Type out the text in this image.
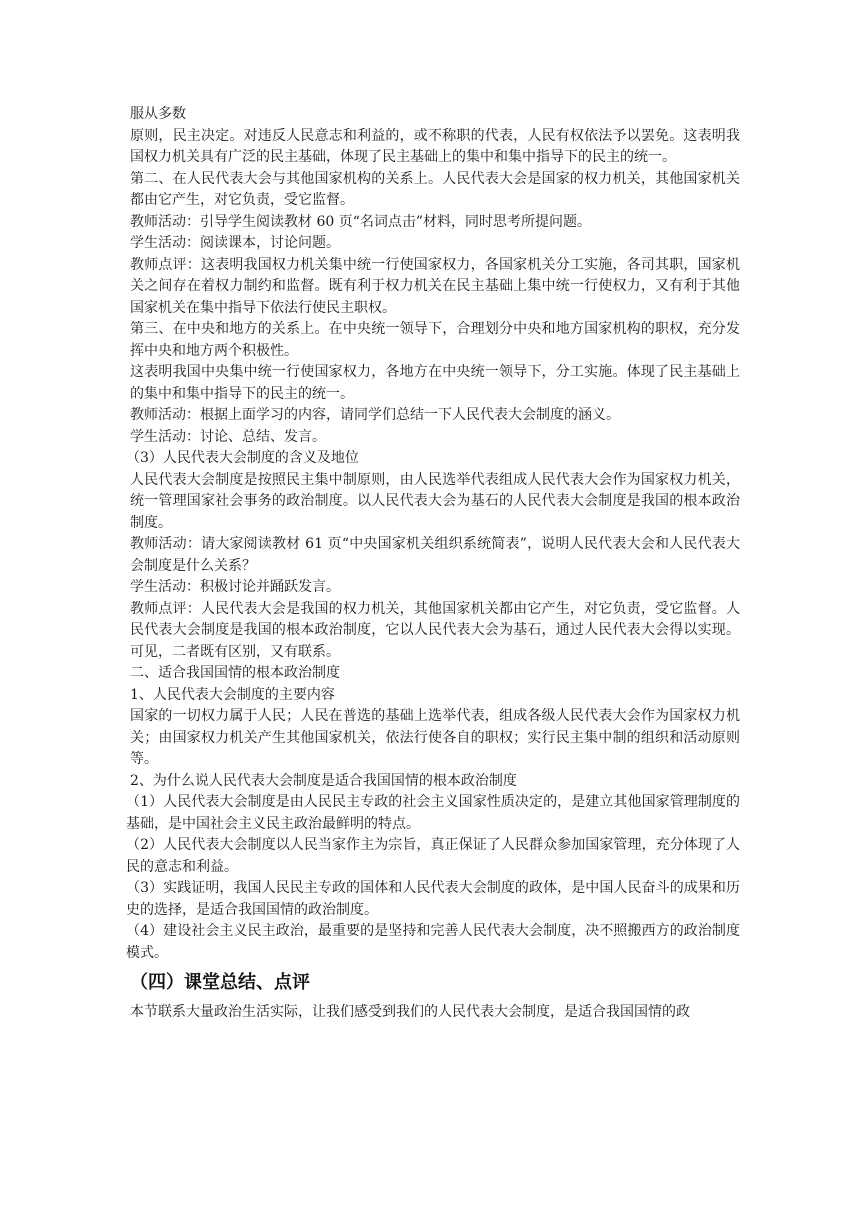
服从多数

原则，民主决定。对违反人民意志和利益的，或不称职的代表，人民有权依法予以罢免。这表明我国权力机关具有广泛的民主基础，体现了民主基础上的集中和集中指导下的民主的统一。

第二、在人民代表大会与其他国家机构的关系上。人民代表大会是国家的权力机关，其他国家机关都由它产生，对它负责，受它监督。

教师活动：引导学生阅读教材 60 页“名词点击”材料，同时思考所提问题。

学生活动：阅读课本，讨论问题。

教师点评：这表明我国权力机关集中统一行使国家权力，各国家机关分工实施，各司其职，国家机关之间存在着权力制约和监督。既有利于权力机关在民主基础上集中统一行使权力，又有利于其他国家机关在集中指导下依法行使民主职权。

第三、在中央和地方的关系上。在中央统一领导下，合理划分中央和地方国家机构的职权，充分发挥中央和地方两个积极性。

这表明我国中央集中统一行使国家权力，各地方在中央统一领导下，分工实施。体现了民主基础上的集中和集中指导下的民主的统一。

教师活动：根据上面学习的内容，请同学们总结一下人民代表大会制度的涵义。

学生活动：讨论、总结、发言。

（3）人民代表大会制度的含义及地位

人民代表大会制度是按照民主集中制原则，由人民选举代表组成人民代表大会作为国家权力机关，统一管理国家社会事务的政治制度。以人民代表大会为基石的人民代表大会制度是我国的根本政治制度。

教师活动：请大家阅读教材 61 页“中央国家机关组织系统简表”，说明人民代表大会和人民代表大会制度是什么关系？

学生活动：积极讨论并踊跃发言。

教师点评：人民代表大会是我国的权力机关，其他国家机关都由它产生，对它负责，受它监督。人民代表大会制度是我国的根本政治制度，它以人民代表大会为基石，通过人民代表大会得以实现。可见，二者既有区别，又有联系。

二、适合我国国情的根本政治制度

1、人民代表大会制度的主要内容

国家的一切权力属于人民；人民在普选的基础上选举代表，组成各级人民代表大会作为国家权力机关；由国家权力机关产生其他国家机关，依法行使各自的职权；实行民主集中制的组织和活动原则等。

2、为什么说人民代表大会制度是适合我国国情的根本政治制度

（1）人民代表大会制度是由人民民主专政的社会主义国家性质决定的，是建立其他国家管理制度的基础，是中国社会主义民主政治最鲜明的特点。

（2）人民代表大会制度以人民当家作主为宗旨，真正保证了人民群众参加国家管理，充分体现了人民的意志和利益。

（3）实践证明，我国人民民主专政的国体和人民代表大会制度的政体，是中国人民奋斗的成果和历史的选择，是适合我国国情的政治制度。

（4）建设社会主义民主政治，最重要的是坚持和完善人民代表大会制度，决不照搬西方的政治制度模式。

（四）课堂总结、点评

本节联系大量政治生活实际，让我们感受到我们的人民代表大会制度，是适合我国国情的政
